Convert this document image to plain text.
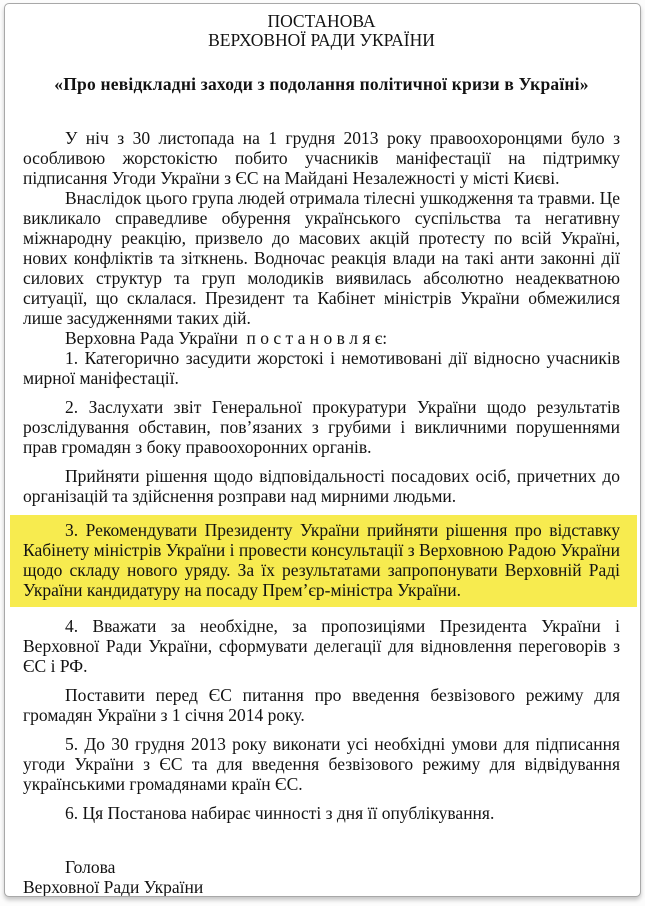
ПОСТАНОВА
ВЕРХОВНОЇ РАДИ УКРАЇНИ
«Про невідкладні заходи з подолання політичної кризи в Україні»

У ніч з 30 листопада на 1 грудня 2013 року правоохоронцями було з особливою жорстокістю побито учасників маніфестації на підтримку підписання Угоди України з ЄС на Майдані Незалежності у місті Києві.

Внаслідок цього група людей отримала тілесні ушкодження та травми. Це викликало справедливе обурення українського суспільства та негативну міжнародну реакцію, призвело до масових акцій протесту по всій Україні, нових конфліктів та зіткнень. Водночас реакція влади на такі анти законні дії силових структур та груп молодиків виявилась абсолютно неадекватною ситуації, що склалася. Президент та Кабінет міністрів України обмежилися лише засудженнями таких дій.

Верховна Рада України  п о с т а н о в л я є:

1. Категорично засудити жорстокі і немотивовані дії відносно учасників мирної маніфестації.

2. Заслухати звіт Генеральної прокуратури України щодо результатів розслідування обставин, пов’язаних з грубими і викличними порушеннями прав громадян з боку правоохоронних органів.

Прийняти рішення щодо відповідальності посадових осіб, причетних до організацій та здійснення розправи над мирними людьми.

3. Рекомендувати Президенту України прийняти рішення про відставку Кабінету міністрів України і провести консультації з Верховною Радою України щодо складу нового уряду. За їх результатами запропонувати Верховній Раді України кандидатуру на посаду Прем’єр-міністра України.

4. Вважати за необхідне, за пропозиціями Президента України і Верховної Ради України, сформувати делегації для відновлення переговорів з ЄС і РФ.

Поставити перед ЄС питання про введення безвізового режиму для громадян України з 1 січня 2014 року.

5. До 30 грудня 2013 року виконати усі необхідні умови для підписання угоди України з ЄС та для введення безвізового режиму для відвідування українськими громадянами країн ЄС.

6. Ця Постанова набирає чинності з дня її опублікування.

Голова
Верховної Ради України
